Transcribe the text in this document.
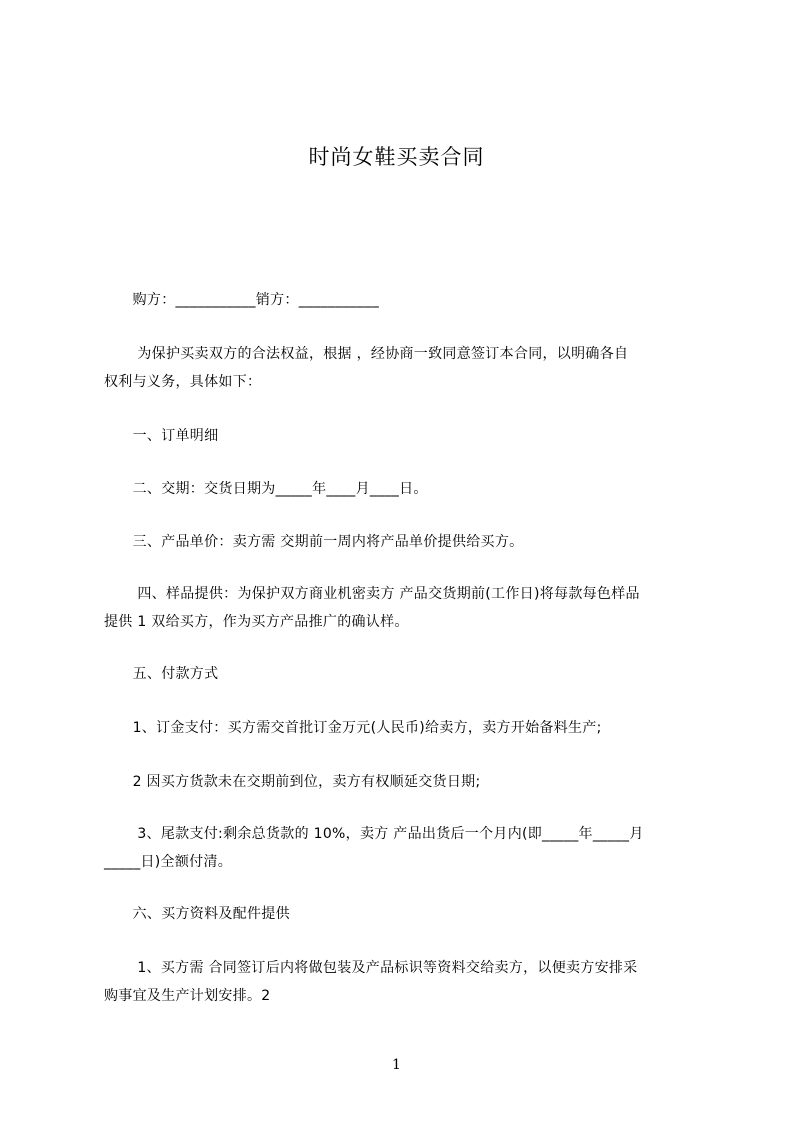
时尚女鞋买卖合同
　　购方：___________销方：___________
　　 为保护买卖双方的合法权益，根据 ，经协商一致同意签订本合同，以明确各自
权利与义务，具体如下：
　　一、订单明细
　　二、交期：交货日期为_____年____月____日。
　　三、产品单价：卖方需 交期前一周内将产品单价提供给买方。
　　 四、样品提供：为保护双方商业机密卖方 产品交货期前(工作日)将每款每色样品
提供 1 双给买方，作为买方产品推广的确认样。
　　五、付款方式
　　1、订金支付：买方需交首批订金万元(人民币)给卖方，卖方开始备料生产;
　　2 因买方货款未在交期前到位，卖方有权顺延交货日期;
　　 3、尾款支付:剩余总货款的 10%，卖方 产品出货后一个月内(即_____年_____月
_____日)全额付清。
　　六、买方资料及配件提供
　　 1、买方需 合同签订后内将做包装及产品标识等资料交给卖方，以便卖方安排采
购事宜及生产计划安排。2
1
